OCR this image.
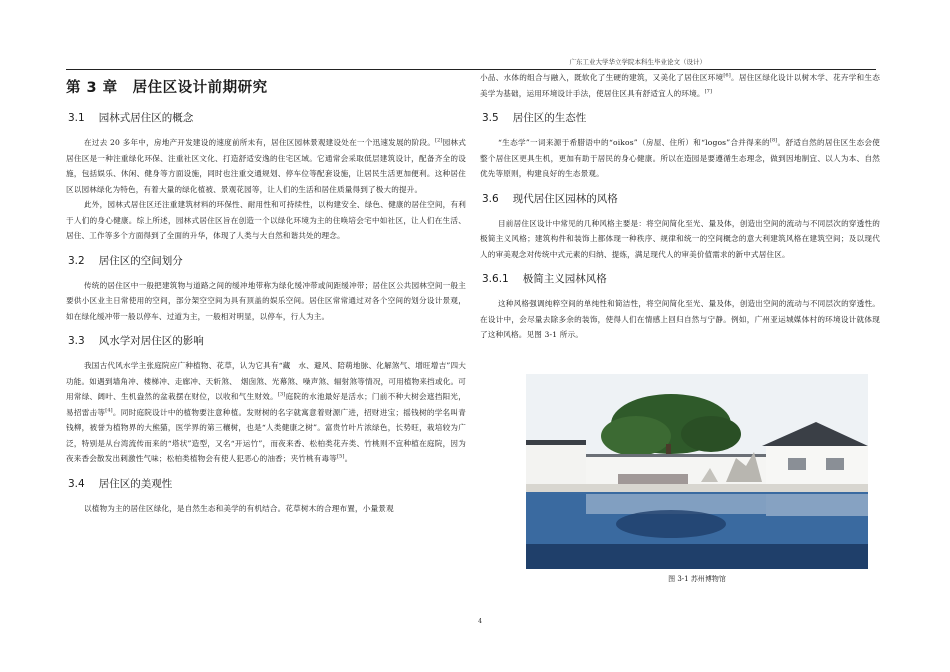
广东工业大学华立学院本科生毕业论文（设计）
第 3 章　居住区设计前期研究
3.1 园林式居住区的概念

在过去 20 多年中，房地产开发建设的速度前所未有，居住区园林景观建设处在一个迅速发展的阶段。[2]园林式居住区是一种注重绿化环保、注重社区文化、打造舒适安逸的住宅区域。它通常会采取低层建筑设计，配备齐全的设施，包括娱乐、休闲、健身等方面设施，同时也注重交通规划、停车位等配套设施，让居民生活更加便利。这种居住区以园林绿化为特色，有着大量的绿化植被、景观花园等，让人们的生活和居住质量得到了极大的提升。

此外，园林式居住区还注重建筑材料的环保性、耐用性和可持续性，以构建安全、绿色、健康的居住空间，有利于人们的身心健康。综上所述，园林式居住区旨在创造一个以绿化环境为主的住唤培会宅中如社区，让人们在生活、居住、工作等多个方面得到了全面的升华，体现了人类与大自然和谐共处的理念。

3.2 居住区的空间划分

传统的居住区中一般把建筑物与道路之间的缓冲地带称为绿化缓冲带或间距缓冲带；居住区公共园林空间一般主要供小区业主日常使用的空间，部分架空空间为具有顶盖的娱乐空间。居住区常常通过对各个空间的划分设计景观，如在绿化缓冲带一般以停车、过道为主，一般相对明显，以停车，行人为主。

3.3 风水学对居住区的影响

我国古代风水学主张庭院应广种植物、花草，认为它具有“藏　水、避风、陪萌地脉、化解煞气、增旺增吉”四大功能。如遇到墙角冲、楼梯冲、走廊冲、天斩煞、　烟囱煞、光幕煞、噪声煞、辐射煞等情况，可用植物来挡或化。可用常绿、阔叶、生机盎然的盆栽摆在财位，以收和气生财效。[3]庭院的水池最好是活水；门前不种大树会遮挡阳光，易招雷击等[4]。同时庭院设计中的植物要注意种植。发财树的名字就寓意着财源广进，招财进宝；摇钱树的学名叫青钱柳，被誉为植物界的大熊猫，医学界的第三穰树，也是“人类健康之树”。富贵竹叶片浓绿色，长势旺，栽培较为广泛，特别是从台湾流传而来的“塔状”造型，又名“开运竹”，而夜来香、松柏类花卉类、竹桃则不宜种植在庭院，因为夜来香会散发出刺激性气味；松柏类植物会有使人犯恶心的油香；夹竹桃有毒等[5]。

3.4 居住区的美观性

以植物为主的居住区绿化，是自然生态和美学的有机结合。花草树木的合理布置，小量景观

小品、水体的组合与融入，既软化了生硬的建筑，又美化了居住区环境[6]。居住区绿化设计以树木学、花卉学和生态美学为基础，运用环境设计手法，使居住区具有舒适宜人的环境。[7]

3.5 居住区的生态性

“生态学”一词来源于希腊语中的“oikos”（房屋、住所）和“logos”合并得来的[8]。舒适自然的居住区生态会使整个居住区更具生机，更加有助于居民的身心健康。所以在造园是要遵循生态理念，做到因地制宜、以人为本、自然优先等原则，构建良好的生态景观。

3.6 现代居住区园林的风格

目前居住区设计中常见的几种风格主要是：将空间简化至光、量及体，创造出空间的流动与不同层次的穿透性的极简主义风格；建筑构件和装饰上都体现一种秩序、规律和统一的空间概念的意大利建筑风格在建筑空间；及以现代人的审美观念对传统中式元素的归纳、提炼，满足现代人的审美价值需求的新中式居住区。

3.6.1 极简主义园林风格

这种风格强调纯粹空间的单纯性和简洁性，将空间简化至光、量及体，创造出空间的流动与不同层次的穿透性。在设计中，会尽量去除多余的装饰，使得人们在情感上回归自然与宁静。例如，广州亚运城媒体村的环境设计就体现了这种风格。见图 3-1 所示。

图 3-1 苏州博物馆
4
